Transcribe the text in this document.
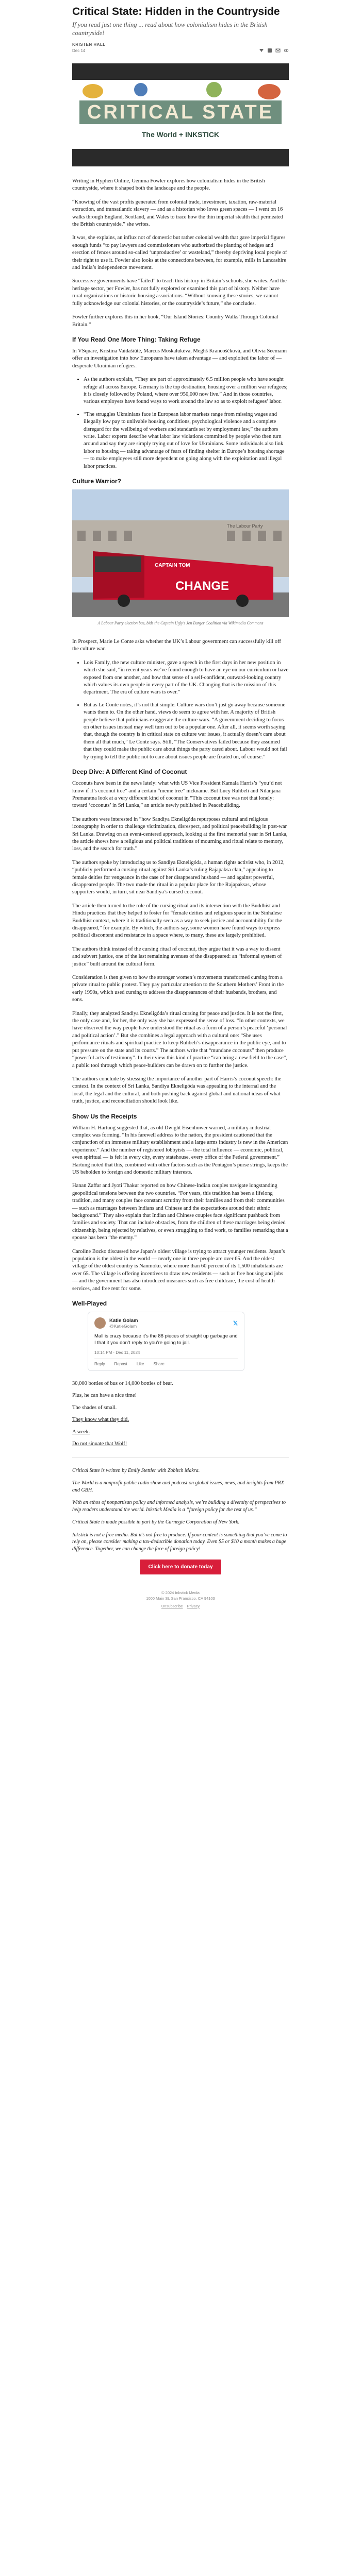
Critical State: Hidden in the Countryside
If you read just one thing ... read about how colonialism hides in the British countryside!
KRISTEN HALL
Dec 14
CRITICAL STATE
The World + INKSTICK

Writing in Hyphen Online, Gemma Fowler explores how colonialism hides in the British countryside, where it shaped both the landscape and the people.

“Knowing of the vast profits generated from colonial trade, investment, taxation, raw-material extraction, and transatlantic slavery — and as a historian who loves green spaces — I went on 16 walks through England, Scotland, and Wales to trace how the thin imperial stealth that permeated the British countryside,” she writes.

It was, she explains, an influx not of domestic but rather colonial wealth that gave imperial figures enough funds “to pay lawyers and commissioners who authorized the planting of hedges and erection of fences around so-called ‘unproductive’ or wasteland,” thereby depriving local people of their right to use it. Fowler also looks at the connections between, for example, mills in Lancashire and India’s independence movement.

Successive governments have “failed” to teach this history in Britain’s schools, she writes. And the heritage sector, per Fowler, has not fully explored or examined this part of history. Neither have rural organizations or historic housing associations. “Without knowing these stories, we cannot fully acknowledge our colonial histories, or the countryside’s future,” she concludes.

Fowler further explores this in her book, “Our Island Stories: Country Walks Through Colonial Britain.”

If You Read One More Thing: Taking Refuge

In VSquare, Kristina Vaidašiūtė, Marcus Moskalukėva, Meghš Krancoščková, and Olivia Seemann offer an investigation into how Europeans have taken advantage — and exploited the labor of — desperate Ukrainian refugees.

• As the authors explain, “They are part of approximately 6.5 million people who have sought refuge all across Europe. Germany is the top destination, housing over a million war refugees; it is closely followed by Poland, where over 950,000 now live.” And in those countries, various employers have found ways to work around the law so as to exploit refugees’ labor.
• “The struggles Ukrainians face in European labor markets range from missing wages and illegally low pay to unlivable housing conditions, psychological violence and a complete disregard for the wellbeing of workers and standards set by employment law,” the authors write. Labor experts describe what labor law violations committed by people who then turn around and say they are simply trying out of love for Ukrainians. Some individuals also link labor to housing — taking advantage of fears of finding shelter in Europe’s housing shortage — to make employees still more dependent on going along with the exploitation and illegal labor practices.
Culture Warrior?
The Labour Party
CAPTAIN TOM
CHANGE
A Labour Party election bus, bids the Captain Ugly’s Jen Burger Coalition via Wikimedia Commons

In Prospect, Marie Le Conte asks whether the UK’s Labour government can successfully kill off the culture war.

• Lois Family, the new culture minister, gave a speech in the first days in her new position in which she said, “in recent years we’ve found enough to have an eye on our curriculum or have exposed from one another, and how that sense of a self-confident, outward-looking country which values its own people in every part of the UK. Changing that is the mission of this department. The era of culture wars is over.”
• But as Le Conte notes, it’s not that simple. Culture wars don’t just go away because someone wants them to. On the other hand, views do seem to agree with her. A majority of British people believe that politicians exaggerate the culture wars. “A government deciding to focus on other issues instead may well turn out to be a popular one. After all, it seems worth saying that, though the country is in critical state on culture war issues, it actually doesn’t care about them all that much,” Le Conte says. Still, “The Conservatives failed because they assumed that they could make the public care about things the party cared about. Labour would not fail by trying to tell the public not to care about issues people are fixated on, of course.”
Deep Dive: A Different Kind of Coconut

Coconuts have been in the news lately: what with US Vice President Kamala Harris’s “you’d not know if it’s coconut tree” and a certain “meme tree” nickname. But Lucy Ruhbeli and Nilanjana Premaratna look at a very different kind of coconut in “This coconut tree was not that lonely: toward ‘coconuts’ in Sri Lanka,” an article newly published in Peacebuilding.

The authors were interested in “how Sandiya Ekneligóda repurposes cultural and religious iconography in order to challenge victimization, disrespect, and political peacebuilding in post-war Sri Lanka. Drawing on an event-centered approach, looking at the first memorial year in Sri Lanka, the article shows how a religious and political traditions of mourning and ritual relate to memory, loss, and the search for truth.”

The authors spoke by introducing us to Sandiya Ekneligóda, a human rights activist who, in 2012, “publicly performed a cursing ritual against Sri Lanka’s ruling Rajapaksa clan,” appealing to female deities for vengeance in the case of her disappeared husband — and against powerful, disappeared people. The two made the ritual in a popular place for the Rajapaksas, whose supporters would, in turn, sit near Sandiya’s cursed coconut.

The article then turned to the role of the cursing ritual and its intersection with the Buddhist and Hindu practices that they helped to foster for “female deities and religious space in the Sinhalese Buddhist context, where it is traditionally seen as a way to seek justice and accountability for the disappeared,” for example. By which, the authors say, some women have found ways to express political discontent and resistance in a space where, to many, these are largely prohibited.

The authors think instead of the cursing ritual of coconut, they argue that it was a way to dissent and subvert justice, one of the last remaining avenues of the disappeared: an “informal system of justice” built around the cultural form.

Consideration is then given to how the stronger women’s movements transformed cursing from a private ritual to public protest. They pay particular attention to the Southern Mothers’ Front in the early 1990s, which used cursing to address the disappearances of their husbands, brothers, and sons.

Finally, they analyzed Sandiya Ekneligóda’s ritual cursing for peace and justice. It is not the first, the only case and, for her, the only way she has expressed the sense of loss. “In other contexts, we have observed the way people have understood the ritual as a form of a person’s peaceful ‘personal and political action’.” But she combines a legal approach with a cultural one: “She uses performance rituals and spiritual practice to keep Ruhbeli’s disappearance in the public eye, and to put pressure on the state and its courts.” The authors write that “mundane coconuts” then produce “powerful acts of testimony”. In their view this kind of practice “can bring a new field to the case”, a public tool through which peace-builders can be drawn on to further the justice.

The authors conclude by stressing the importance of another part of Harris’s coconut speech: the context. In the context of Sri Lanka, Sandiya Ekneligóda was appealing to the internal and the local, the legal and the cultural, and both pushing back against global and national ideas of what truth, justice, and reconciliation should look like.

Show Us the Receipts

William H. Hartung suggested that, as old Dwight Eisenhower warned, a military-industrial complex was forming. “In his farewell address to the nation, the president cautioned that the conjunction of an immense military establishment and a large arms industry is new in the American experience.” And the number of registered lobbyists — the total influence — economic, political, even spiritual — is felt in every city, every statehouse, every office of the Federal government.” Hartung noted that this, combined with other factors such as the Pentagon’s purse strings, keeps the US beholden to foreign and domestic military interests.

Hanan Zaffar and Jyoti Thakur reported on how Chinese-Indian couples navigate longstanding geopolitical tensions between the two countries. “For years, this tradition has been a lifelong tradition, and many couples face constant scrutiny from their families and from their communities — such as marriages between Indians and Chinese and the expectations around their ethnic background.” They also explain that Indian and Chinese couples face significant pushback from families and society. That can include obstacles, from the children of these marriages being denied citizenship, being rejected by relatives, or even struggling to find work, to families remarking that a spouse has been “the enemy.”

Caroline Bozko discussed how Japan’s oldest village is trying to attract younger residents. Japan’s population is the oldest in the world — nearly one in three people are over 65. And the oldest village of the oldest country is Nanmoku, where more than 60 percent of its 1,500 inhabitants are over 65. The village is offering incentives to draw new residents — such as free housing and jobs — and the government has also introduced measures such as free childcare, the cost of health services, and free rent for some.

Well-Played
Katie Golam
@KatieGolam	𝕏
Mall is crazy because it’s the 88 pieces of straight up garbage and I that it you don’t reply to you’re going to jail.
10:14 PM · Dec 11, 2024
Reply Repost Like Share

30,000 bottles of bus or 14,000 bottles of bear.

Plus, he can have a nice time!

The shades of small.

They know what they did.

A week.

Do not sinuate that Wolf!

Critical State is written by Emily Stettler with Zobitch Makra.

The World is a nonprofit public radio show and podcast on global issues, news, and insights from PRX and GBH.

With an ethos of nonpartisan policy and informed analysis, we’re building a diversity of perspectives to help readers understand the world. Inkstick Media is a “foreign policy for the rest of us.”

Critical State is made possible in part by the Carnegie Corporation of New York.

Inkstick is not a free media. But it’s not free to produce. If your content is something that you’ve come to rely on, please consider making a tax-deductible donation today. Even $5 or $10 a month makes a huge difference. Together, we can change the face of foreign policy!

Click here to donate today
© 2024 Inkstick Media
1000 Main St, San Francisco, CA 94103
Unsubscribe Privacy
